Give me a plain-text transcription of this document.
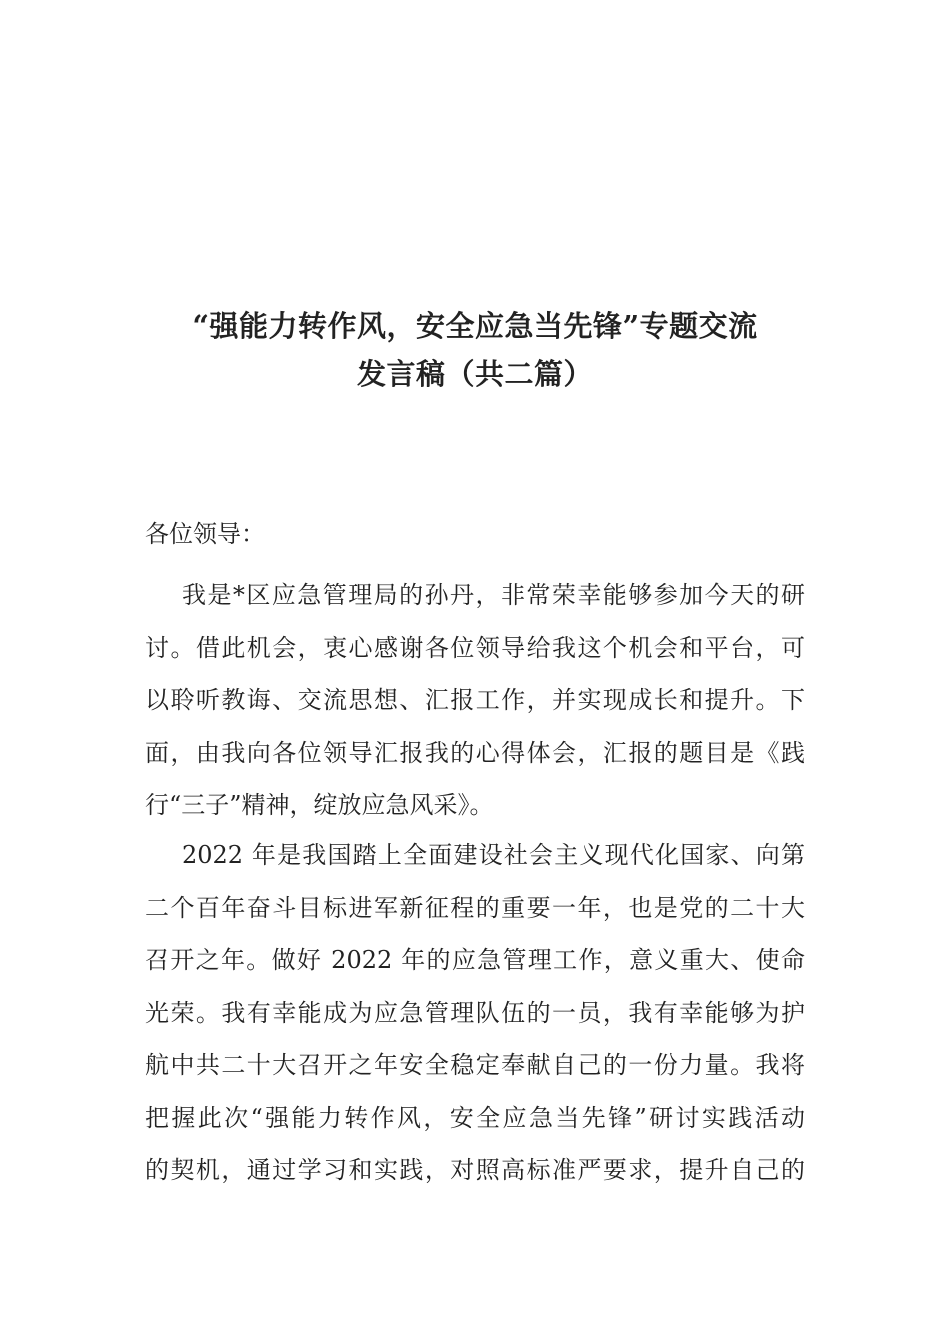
“强能力转作风，安全应急当先锋”专题交流
发言稿（共二篇）
各位领导：
我是*区应急管理局的孙丹，非常荣幸能够参加今天的研
讨。借此机会，衷心感谢各位领导给我这个机会和平台，可
以聆听教诲、交流思想、汇报工作，并实现成长和提升。下
面，由我向各位领导汇报我的心得体会，汇报的题目是《践
行“三子”精神，绽放应急风采》。
2022 年是我国踏上全面建设社会主义现代化国家、向第
二个百年奋斗目标进军新征程的重要一年，也是党的二十大
召开之年。做好 2022 年的应急管理工作，意义重大、使命
光荣。我有幸能成为应急管理队伍的一员，我有幸能够为护
航中共二十大召开之年安全稳定奉献自己的一份力量。我将
把握此次“强能力转作风，安全应急当先锋”研讨实践活动
的契机，通过学习和实践，对照高标准严要求，提升自己的
